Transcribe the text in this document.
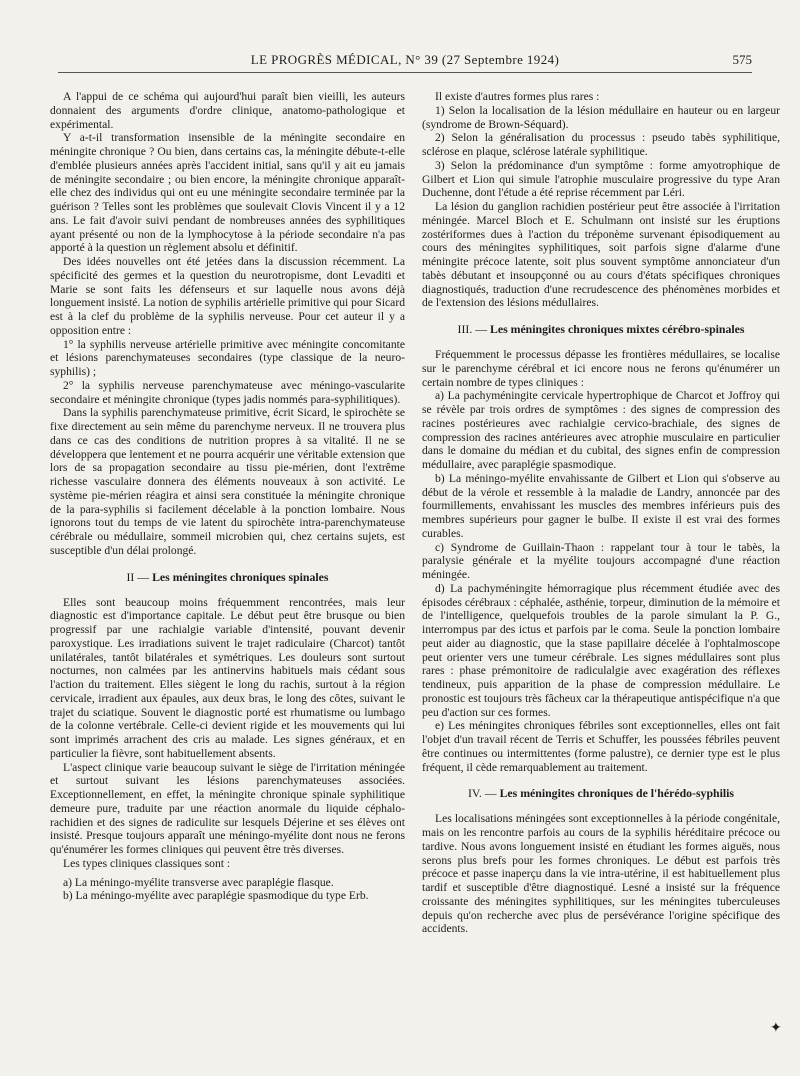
LE PROGRÈS MÉDICAL, N° 39 (27 Septembre 1924)	575

A l'appui de ce schéma qui aujourd'hui paraît bien vieilli, les auteurs donnaient des arguments d'ordre clinique, anatomo-pathologique et expérimental.

Y a-t-il transformation insensible de la méningite secondaire en méningite chronique ? Ou bien, dans certains cas, la méningite débute-t-elle d'emblée plusieurs années après l'accident initial, sans qu'il y ait eu jamais de méningite secondaire ; ou bien encore, la méningite chronique apparaît-elle chez des individus qui ont eu une méningite secondaire terminée par la guérison ? Telles sont les problèmes que soulevait Clovis Vincent il y a 12 ans. Le fait d'avoir suivi pendant de nombreuses années des syphilitiques ayant présenté ou non de la lymphocytose à la période secondaire n'a pas apporté à la question un règlement absolu et définitif.

Des idées nouvelles ont été jetées dans la discussion récemment. La spécificité des germes et la question du neurotropisme, dont Levaditi et Marie se sont faits les défenseurs et sur laquelle nous avons déjà longuement insisté. La notion de syphilis artérielle primitive qui pour Sicard est à la clef du problème de la syphilis nerveuse. Pour cet auteur il y a opposition entre :

1° la syphilis nerveuse artérielle primitive avec méningite concomitante et lésions parenchymateuses secondaires (type classique de la neuro-syphilis) ;

2° la syphilis nerveuse parenchymateuse avec méningo-vascularite secondaire et méningite chronique (types jadis nommés para-syphilitiques).

Dans la syphilis parenchymateuse primitive, écrit Sicard, le spirochète se fixe directement au sein même du parenchyme nerveux. Il ne trouvera plus dans ce cas des conditions de nutrition propres à sa vitalité. Il ne se développera que lentement et ne pourra acquérir une véritable extension que lors de sa propagation secondaire au tissu pie-mérien, dont l'extrême richesse vasculaire donnera des éléments nouveaux à son activité. Le système pie-mérien réagira et ainsi sera constituée la méningite chronique de la para-syphilis si facilement décelable à la ponction lombaire. Nous ignorons tout du temps de vie latent du spirochète intra-parenchymateuse cérébrale ou médullaire, sommeil microbien qui, chez certains sujets, est susceptible d'un délai prolongé.

II — Les méningites chroniques spinales

Elles sont beaucoup moins fréquemment rencontrées, mais leur diagnostic est d'importance capitale. Le début peut être brusque ou bien progressif par une rachialgie variable d'intensité, pouvant devenir paroxystique. Les irradiations suivent le trajet radiculaire (Charcot) tantôt unilatérales, tantôt bilatérales et symétriques. Les douleurs sont surtout nocturnes, non calmées par les antinervins habituels mais cédant sous l'action du traitement. Elles siègent le long du rachis, surtout à la région cervicale, irradient aux épaules, aux deux bras, le long des côtes, suivant le trajet du sciatique. Souvent le diagnostic porté est rhumatisme ou lumbago de la colonne vertébrale. Celle-ci devient rigide et les mouvements qui lui sont imprimés arrachent des cris au malade. Les signes généraux, et en particulier la fièvre, sont habituellement absents.

L'aspect clinique varie beaucoup suivant le siège de l'irritation méningée et surtout suivant les lésions parenchymateuses associées. Exceptionnellement, en effet, la méningite chronique spinale syphilitique demeure pure, traduite par une réaction anormale du liquide céphalo-rachidien et des signes de radiculite sur lesquels Déjerine et ses élèves ont insisté. Presque toujours apparaît une méningo-myélite dont nous ne ferons qu'énumérer les formes cliniques qui peuvent être très diverses.

Les types cliniques classiques sont :

a) La méningo-myélite transverse avec paraplégie flasque.

b) La méningo-myélite avec paraplégie spasmodique du type Erb.

Il existe d'autres formes plus rares :

1) Selon la localisation de la lésion médullaire en hauteur ou en largeur (syndrome de Brown-Séquard).

2) Selon la généralisation du processus : pseudo tabès syphilitique, sclérose en plaque, sclérose latérale syphilitique.

3) Selon la prédominance d'un symptôme : forme amyotrophique de Gilbert et Lion qui simule l'atrophie musculaire progressive du type Aran Duchenne, dont l'étude a été reprise récemment par Léri.

La lésion du ganglion rachidien postérieur peut être associée à l'irritation méningée. Marcel Bloch et E. Schulmann ont insisté sur les éruptions zostériformes dues à l'action du tréponème survenant épisodiquement au cours des méningites syphilitiques, soit parfois signe d'alarme d'une méningite précoce latente, soit plus souvent symptôme annonciateur d'un tabès débutant et insoupçonné ou au cours d'états spécifiques chroniques diagnostiqués, traduction d'une recrudescence des phénomènes morbides et de l'extension des lésions médullaires.

III. — Les méningites chroniques mixtes cérébro-spinales

Fréquemment le processus dépasse les frontières médullaires, se localise sur le parenchyme cérébral et ici encore nous ne ferons qu'énumérer un certain nombre de types cliniques :

a) La pachyméningite cervicale hypertrophique de Charcot et Joffroy qui se révèle par trois ordres de symptômes : des signes de compression des racines postérieures avec rachialgie cervico-brachiale, des signes de compression des racines antérieures avec atrophie musculaire en particulier dans le domaine du médian et du cubital, des signes enfin de compression médullaire, avec paraplégie spasmodique.

b) La méningo-myélite envahissante de Gilbert et Lion qui s'observe au début de la vérole et ressemble à la maladie de Landry, annoncée par des fourmillements, envahissant les muscles des membres inférieurs puis des membres supérieurs pour gagner le bulbe. Il existe il est vrai des formes curables.

c) Syndrome de Guillain-Thaon : rappelant tour à tour le tabès, la paralysie générale et la myélite toujours accompagné d'une réaction méningée.

d) La pachyméningite hémorragique plus récemment étudiée avec des épisodes cérébraux : céphalée, asthénie, torpeur, diminution de la mémoire et de l'intelligence, quelquefois troubles de la parole simulant la P. G., interrompus par des ictus et parfois par le coma. Seule la ponction lombaire peut aider au diagnostic, que la stase papillaire décelée à l'ophtalmoscope peut orienter vers une tumeur cérébrale. Les signes médullaires sont plus rares : phase prémonitoire de radiculalgie avec exagération des réflexes tendineux, puis apparition de la phase de compression médullaire. Le pronostic est toujours très fâcheux car la thérapeutique antispécifique n'a que peu d'action sur ces formes.

e) Les méningites chroniques fébriles sont exceptionnelles, elles ont fait l'objet d'un travail récent de Terris et Schuffer, les poussées fébriles peuvent être continues ou intermittentes (forme palustre), ce dernier type est le plus fréquent, il cède remarquablement au traitement.

IV. — Les méningites chroniques de l'hérédo-syphilis

Les localisations méningées sont exceptionnelles à la période congénitale, mais on les rencontre parfois au cours de la syphilis héréditaire précoce ou tardive. Nous avons longuement insisté en étudiant les formes aiguës, nous serons plus brefs pour les formes chroniques. Le début est parfois très précoce et passe inaperçu dans la vie intra-utérine, il est habituellement plus tardif et susceptible d'être diagnostiqué. Lesné a insisté sur la fréquence croissante des méningites syphilitiques, sur les méningites tuberculeuses depuis qu'on recherche avec plus de persévérance l'origine spécifique des accidents.

✦
